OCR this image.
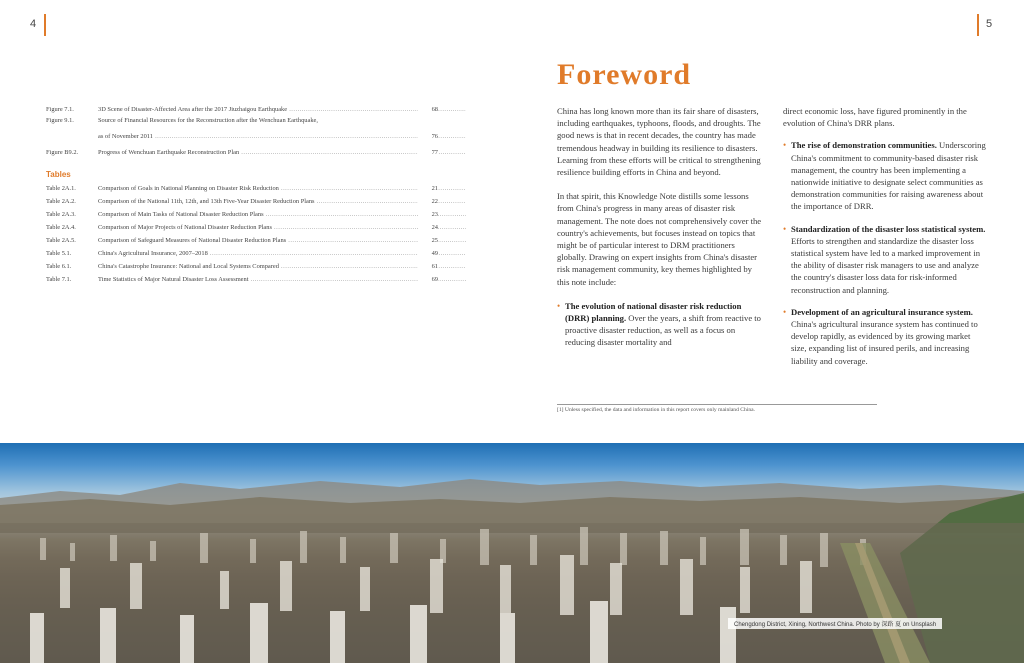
4	5
Figure 7.1.	3D Scene of Disaster-Affected Area after the 2017 Jiuzhaigou Earthquake .....	68
Figure 9.1.	Source of Financial Resources for the Reconstruction after the Wenchuan Earthquake,
as of November 2011 .....	76
Figure B9.2.	Progress of Wenchuan Earthquake Reconstruction Plan .....	77
Tables
Table 2A.1.	Comparison of Goals in National Planning on Disaster Risk Reduction .....	21
Table 2A.2.	Comparison of the National 11th, 12th, and 13th Five-Year Disaster Reduction Plans .....	22
Table 2A.3.	Comparison of Main Tasks of National Disaster Reduction Plans .....	23
Table 2A.4.	Comparison of Major Projects of National Disaster Reduction Plans .....	24
Table 2A.5.	Comparison of Safeguard Measures of National Disaster Reduction Plans .....	25
Table 5.1.	China's Agricultural Insurance, 2007–2018 .....	49
Table 6.1.	China's Catastrophe Insurance: National and Local Systems Compared .....	61
Table 7.1.	Time Statistics of Major Natural Disaster Loss Assessment .....	69
Foreword

China has long known more than its fair share of disasters, including earthquakes, typhoons, floods, and droughts. The good news is that in recent decades, the country has made tremendous headway in building its resilience to disasters. Learning from these efforts will be critical to strengthening resilience building efforts in China and beyond.

In that spirit, this Knowledge Note distills some lessons from China's progress in many areas of disaster risk management. The note does not comprehensively cover the country's achievements, but focuses instead on topics that might be of particular interest to DRM practitioners globally. Drawing on expert insights from China's disaster risk management community, key themes highlighted by this note include:

• The evolution of national disaster risk reduction (DRR) planning. Over the years, a shift from reactive to proactive disaster reduction, as well as a focus on reducing disaster mortality and
direct economic loss, have figured prominently in the evolution of China's DRR plans.
• The rise of demonstration communities. Underscoring China's commitment to community-based disaster risk management, the country has been implementing a nationwide initiative to designate select communities as demonstration communities for raising awareness about the importance of DRR.
• Standardization of the disaster loss statistical system. Efforts to strengthen and standardize the disaster loss statistical system have led to a marked improvement in the ability of disaster risk managers to use and analyze the country's disaster loss data for risk-informed reconstruction and planning.
• Development of an agricultural insurance system. China's agricultural insurance system has continued to develop rapidly, as evidenced by its growing market size, expanding list of insured perils, and increasing liability and coverage.
[1] Unless specified, the data and information in this report covers only mainland China.
Chengdong District, Xining, Northwest China. Photo by 深路 夏 on Unsplash
